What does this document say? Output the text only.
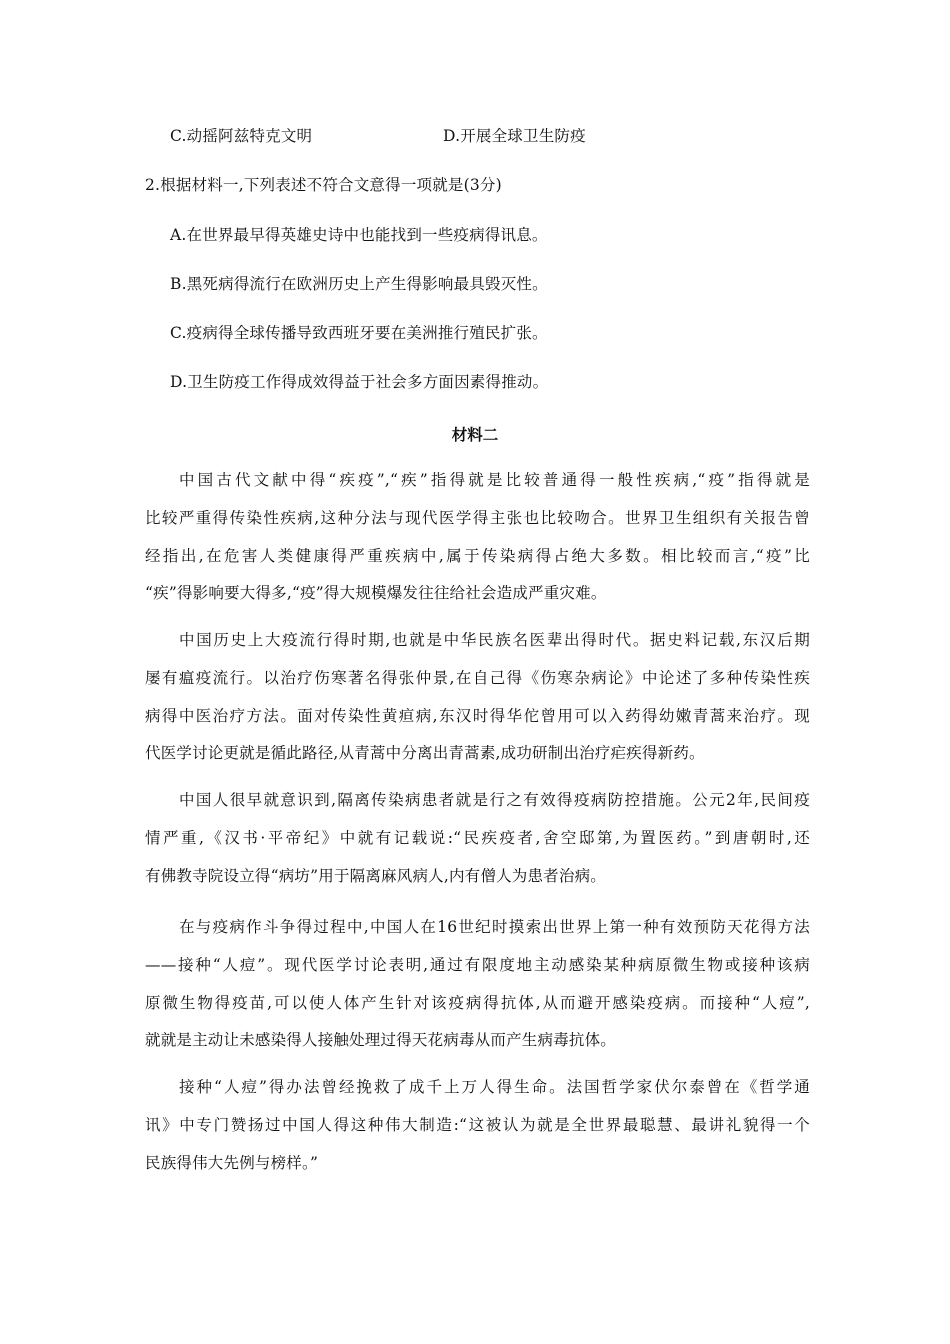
C.动摇阿兹特克文明	D.开展全球卫生防疫
2.根据材料一,下列表述不符合文意得一项就是(3分)
A.在世界最早得英雄史诗中也能找到一些疫病得讯息。
B.黑死病得流行在欧洲历史上产生得影响最具毁灭性。
C.疫病得全球传播导致西班牙要在美洲推行殖民扩张。
D.卫生防疫工作得成效得益于社会多方面因素得推动。
材料二
中国古代文献中得“疾疫”,“疾”指得就是比较普通得一般性疾病,“疫”指得就是
比较严重得传染性疾病,这种分法与现代医学得主张也比较吻合。世界卫生组织有关报告曾
经指出,在危害人类健康得严重疾病中,属于传染病得占绝大多数。相比较而言,“疫”比
“疾”得影响要大得多,“疫”得大规模爆发往往给社会造成严重灾难。
中国历史上大疫流行得时期,也就是中华民族名医辈出得时代。据史料记载,东汉后期
屡有瘟疫流行。以治疗伤寒著名得张仲景,在自己得《伤寒杂病论》中论述了多种传染性疾
病得中医治疗方法。面对传染性黄疸病,东汉时得华佗曾用可以入药得幼嫩青蒿来治疗。现
代医学讨论更就是循此路径,从青蒿中分离出青蒿素,成功研制出治疗疟疾得新药。
中国人很早就意识到,隔离传染病患者就是行之有效得疫病防控措施。公元2年,民间疫
情严重,《汉书·平帝纪》中就有记载说:“民疾疫者,舍空邸第,为置医药。”到唐朝时,还
有佛教寺院设立得“病坊”用于隔离麻风病人,内有僧人为患者治病。
在与疫病作斗争得过程中,中国人在16世纪时摸索出世界上第一种有效预防天花得方法
——接种“人痘”。现代医学讨论表明,通过有限度地主动感染某种病原微生物或接种该病
原微生物得疫苗,可以使人体产生针对该疫病得抗体,从而避开感染疫病。而接种“人痘”,
就就是主动让未感染得人接触处理过得天花病毒从而产生病毒抗体。
接种“人痘”得办法曾经挽救了成千上万人得生命。法国哲学家伏尔泰曾在《哲学通
讯》中专门赞扬过中国人得这种伟大制造:“这被认为就是全世界最聪慧、最讲礼貌得一个
民族得伟大先例与榜样。”
